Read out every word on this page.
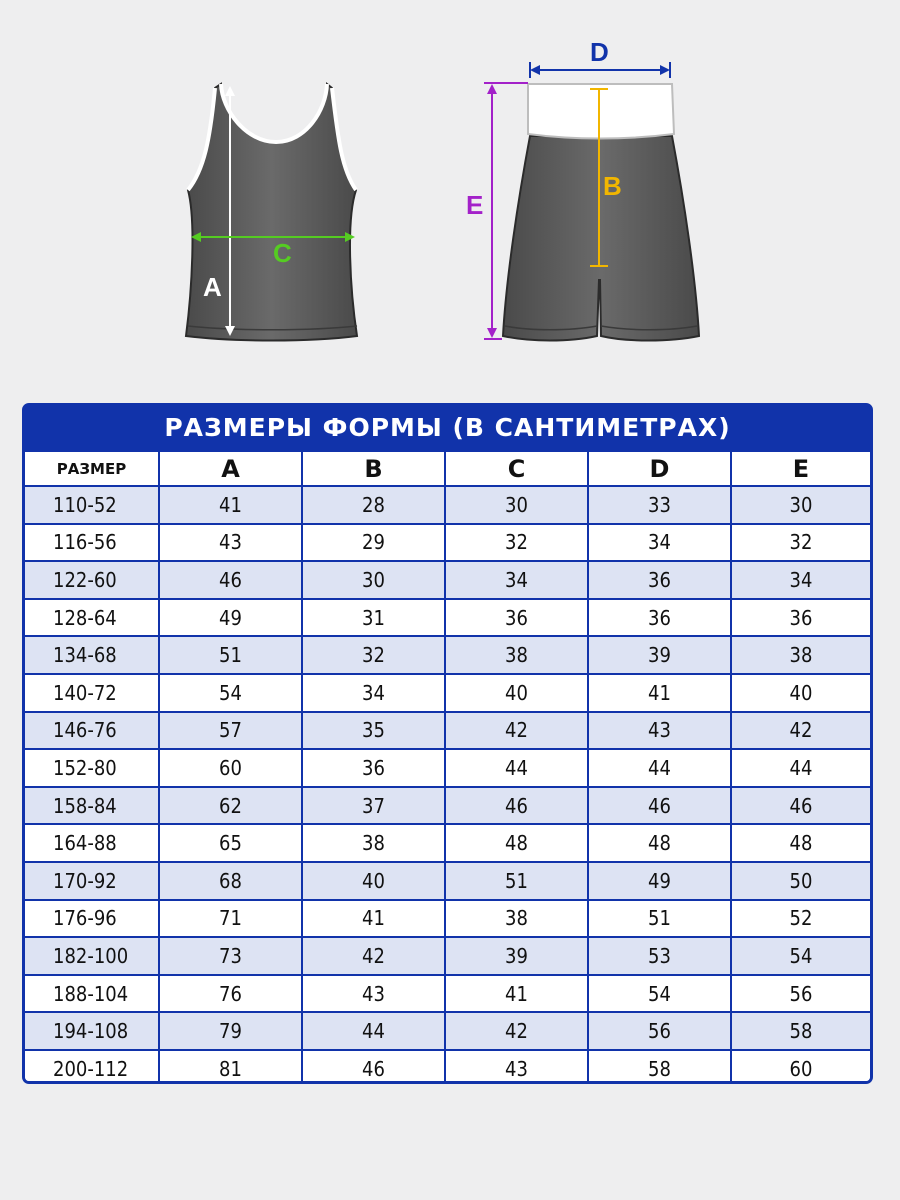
A
C
D
E
B
РАЗМЕРЫ ФОРМЫ (В САНТИМЕТРАХ)
РАЗМЕР	A	B	C	D	E
110-52	41	28	30	33	30
116-56	43	29	32	34	32
122-60	46	30	34	36	34
128-64	49	31	36	36	36
134-68	51	32	38	39	38
140-72	54	34	40	41	40
146-76	57	35	42	43	42
152-80	60	36	44	44	44
158-84	62	37	46	46	46
164-88	65	38	48	48	48
170-92	68	40	51	49	50
176-96	71	41	38	51	52
182-100	73	42	39	53	54
188-104	76	43	41	54	56
194-108	79	44	42	56	58
200-112	81	46	43	58	60
